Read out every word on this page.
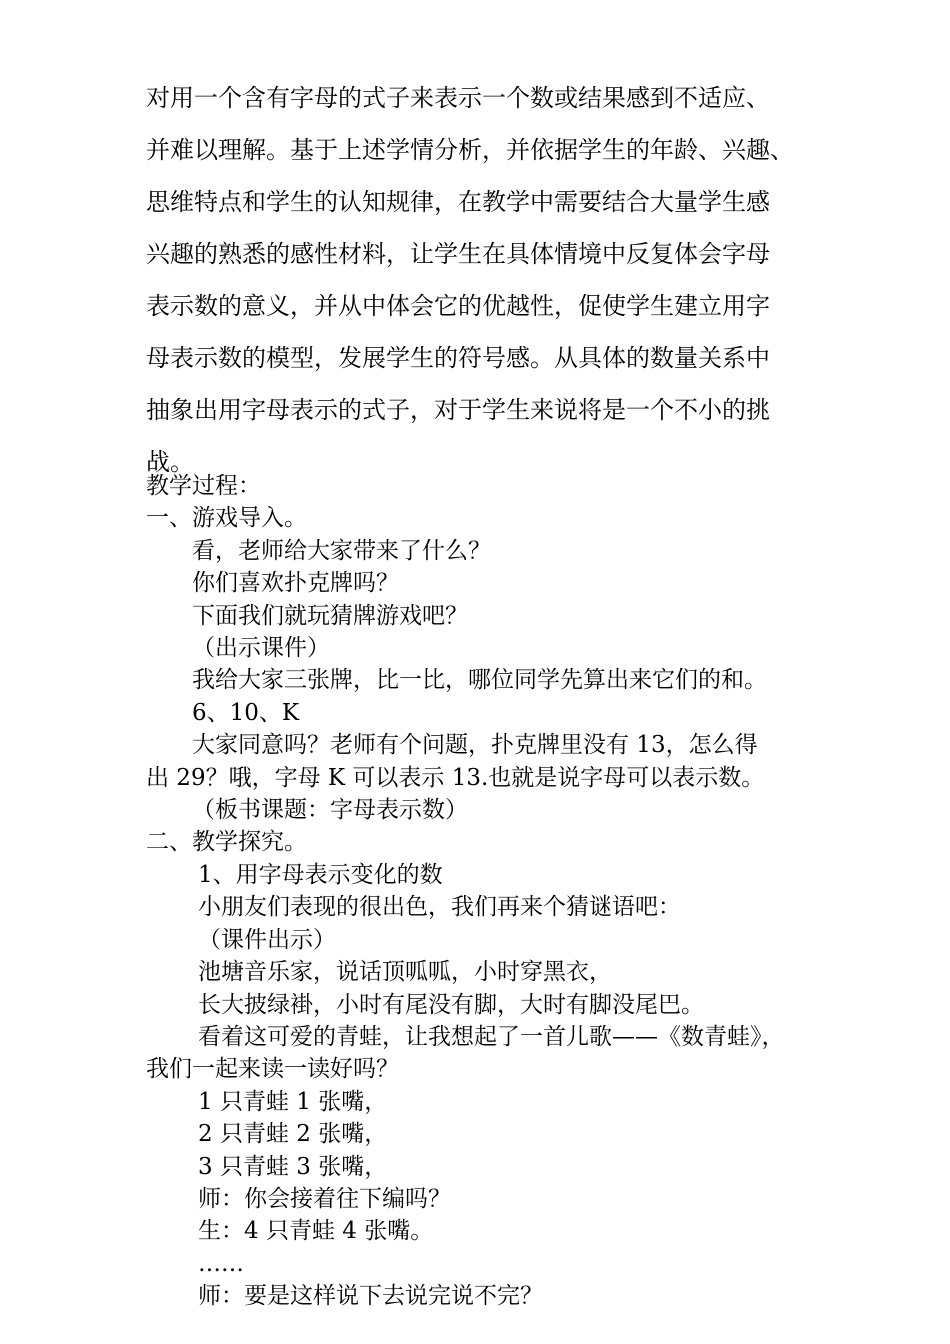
对用一个含有字母的式子来表示一个数或结果感到不适应、

并难以理解。基于上述学情分析，并依据学生的年龄、兴趣、

思维特点和学生的认知规律，在教学中需要结合大量学生感

兴趣的熟悉的感性材料，让学生在具体情境中反复体会字母

表示数的意义，并从中体会它的优越性，促使学生建立用字

母表示数的模型，发展学生的符号感。从具体的数量关系中

抽象出用字母表示的式子，对于学生来说将是一个不小的挑

战。

教学过程：

一、游戏导入。

看，老师给大家带来了什么？

你们喜欢扑克牌吗？

下面我们就玩猜牌游戏吧？

（出示课件）

我给大家三张牌，比一比，哪位同学先算出来它们的和。

6、10、K

大家同意吗？老师有个问题，扑克牌里没有 13，怎么得

出 29？哦，字母 K 可以表示 13.也就是说字母可以表示数。

（板书课题：字母表示数）

二、教学探究。

1、用字母表示变化的数

小朋友们表现的很出色，我们再来个猜谜语吧：

（课件出示）

池塘音乐家，说话顶呱呱，小时穿黑衣，

长大披绿褂，小时有尾没有脚，大时有脚没尾巴。

看着这可爱的青蛙，让我想起了一首儿歌——《数青蛙》，

我们一起来读一读好吗？

1 只青蛙 1 张嘴，

2 只青蛙 2 张嘴，

3 只青蛙 3 张嘴，

师：你会接着往下编吗？

生：4 只青蛙 4 张嘴。

……

师：要是这样说下去说完说不完？
